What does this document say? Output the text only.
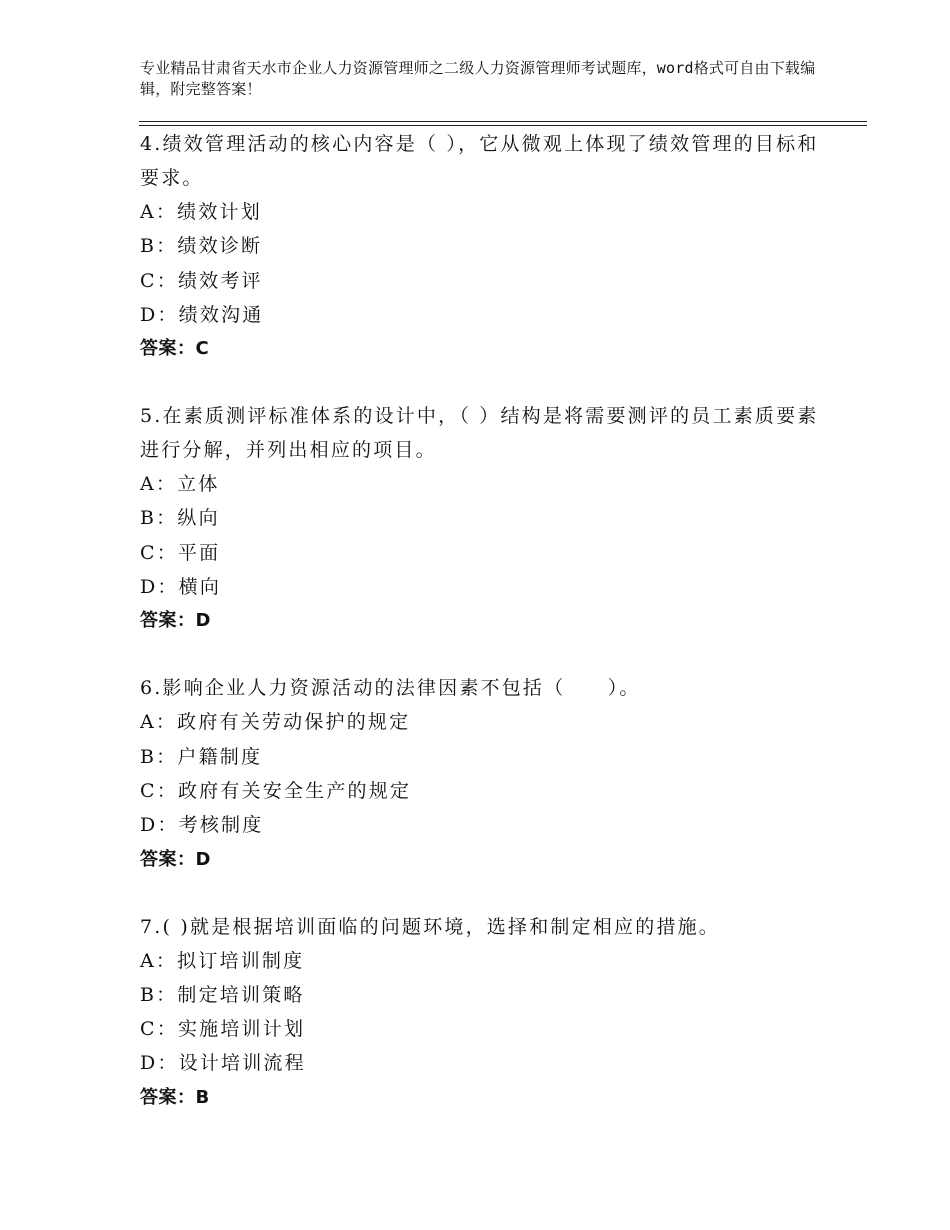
专业精品甘肃省天水市企业人力资源管理师之二级人力资源管理师考试题库，word格式可自由下载编辑，附完整答案！
4.绩效管理活动的核心内容是（ ），它从微观上体现了绩效管理的目标和要求。
A：绩效计划
B：绩效诊断
C：绩效考评
D：绩效沟通
答案：C
5.在素质测评标准体系的设计中，（ ）结构是将需要测评的员工素质要素进行分解，并列出相应的项目。
A：立体
B：纵向
C：平面
D：横向
答案：D
6.影响企业人力资源活动的法律因素不包括（　　）。
A：政府有关劳动保护的规定
B：户籍制度
C：政府有关安全生产的规定
D：考核制度
答案：D
7.( )就是根据培训面临的问题环境，选择和制定相应的措施。
A：拟订培训制度
B：制定培训策略
C：实施培训计划
D：设计培训流程
答案：B
